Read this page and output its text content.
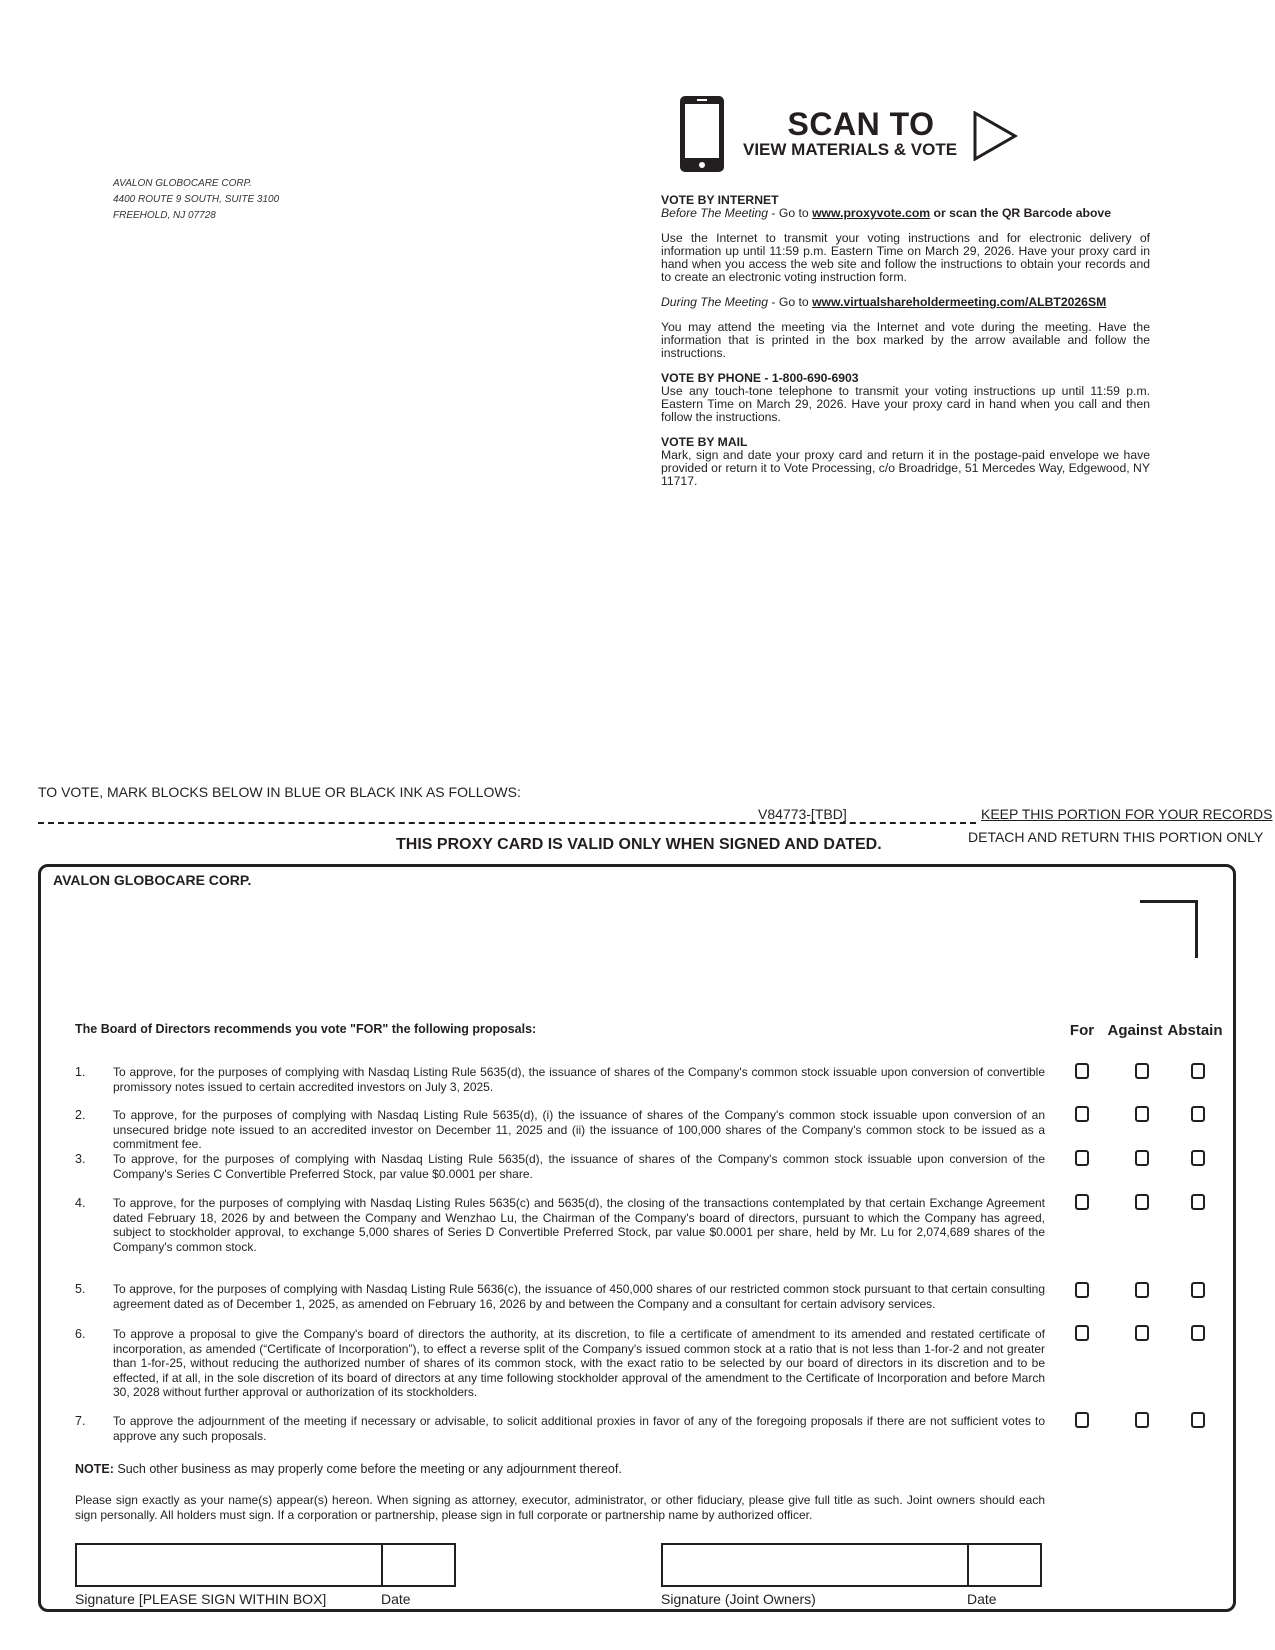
AVALON GLOBOCARE CORP.
4400 ROUTE 9 SOUTH, SUITE 3100
FREEHOLD, NJ 07728
SCAN TO
VIEW MATERIALS & VOTE

VOTE BY INTERNET

Before The Meeting - Go to www.proxyvote.com or scan the QR Barcode above

Use the Internet to transmit your voting instructions and for electronic delivery of information up until 11:59 p.m. Eastern Time on March 29, 2026. Have your proxy card in hand when you access the web site and follow the instructions to obtain your records and to create an electronic voting instruction form.

During The Meeting - Go to www.virtualshareholdermeeting.com/ALBT2026SM

You may attend the meeting via the Internet and vote during the meeting. Have the information that is printed in the box marked by the arrow available and follow the instructions.

VOTE BY PHONE - 1-800-690-6903

Use any touch-tone telephone to transmit your voting instructions up until 11:59 p.m. Eastern Time on March 29, 2026. Have your proxy card in hand when you call and then follow the instructions.

VOTE BY MAIL

Mark, sign and date your proxy card and return it in the postage-paid envelope we have provided or return it to Vote Processing, c/o Broadridge, 51 Mercedes Way, Edgewood, NY 11717.

TO VOTE, MARK BLOCKS BELOW IN BLUE OR BLACK INK AS FOLLOWS:
V84773-[TBD]	KEEP THIS PORTION FOR YOUR RECORDS
THIS PROXY CARD IS VALID ONLY WHEN SIGNED AND DATED.	DETACH AND RETURN THIS PORTION ONLY
AVALON GLOBOCARE CORP.
The Board of Directors recommends you vote "FOR" the following proposals:	For Against Abstain
1. To approve, for the purposes of complying with Nasdaq Listing Rule 5635(d), the issuance of shares of the Company's common stock issuable upon conversion of convertible promissory notes issued to certain accredited investors on July 3, 2025.
2. To approve, for the purposes of complying with Nasdaq Listing Rule 5635(d), (i) the issuance of shares of the Company's common stock issuable upon conversion of an unsecured bridge note issued to an accredited investor on December 11, 2025 and (ii) the issuance of 100,000 shares of the Company's common stock to be issued as a commitment fee.
3. To approve, for the purposes of complying with Nasdaq Listing Rule 5635(d), the issuance of shares of the Company's common stock issuable upon conversion of the Company's Series C Convertible Preferred Stock, par value $0.0001 per share.
4. To approve, for the purposes of complying with Nasdaq Listing Rules 5635(c) and 5635(d), the closing of the transactions contemplated by that certain Exchange Agreement dated February 18, 2026 by and between the Company and Wenzhao Lu, the Chairman of the Company's board of directors, pursuant to which the Company has agreed, subject to stockholder approval, to exchange 5,000 shares of Series D Convertible Preferred Stock, par value $0.0001 per share, held by Mr. Lu for 2,074,689 shares of the Company's common stock.
5. To approve, for the purposes of complying with Nasdaq Listing Rule 5636(c), the issuance of 450,000 shares of our restricted common stock pursuant to that certain consulting agreement dated as of December 1, 2025, as amended on February 16, 2026 by and between the Company and a consultant for certain advisory services.
6. To approve a proposal to give the Company's board of directors the authority, at its discretion, to file a certificate of amendment to its amended and restated certificate of incorporation, as amended (“Certificate of Incorporation”), to effect a reverse split of the Company's issued common stock at a ratio that is not less than 1-for-2 and not greater than 1-for-25, without reducing the authorized number of shares of its common stock, with the exact ratio to be selected by our board of directors in its discretion and to be effected, if at all, in the sole discretion of its board of directors at any time following stockholder approval of the amendment to the Certificate of Incorporation and before March 30, 2028 without further approval or authorization of its stockholders.
7. To approve the adjournment of the meeting if necessary or advisable, to solicit additional proxies in favor of any of the foregoing proposals if there are not sufficient votes to approve any such proposals.
NOTE: Such other business as may properly come before the meeting or any adjournment thereof.
Please sign exactly as your name(s) appear(s) hereon. When signing as attorney, executor, administrator, or other fiduciary, please give full title as such. Joint owners should each sign personally. All holders must sign. If a corporation or partnership, please sign in full corporate or partnership name by authorized officer.
Signature [PLEASE SIGN WITHIN BOX]	Date	Signature (Joint Owners)	Date
